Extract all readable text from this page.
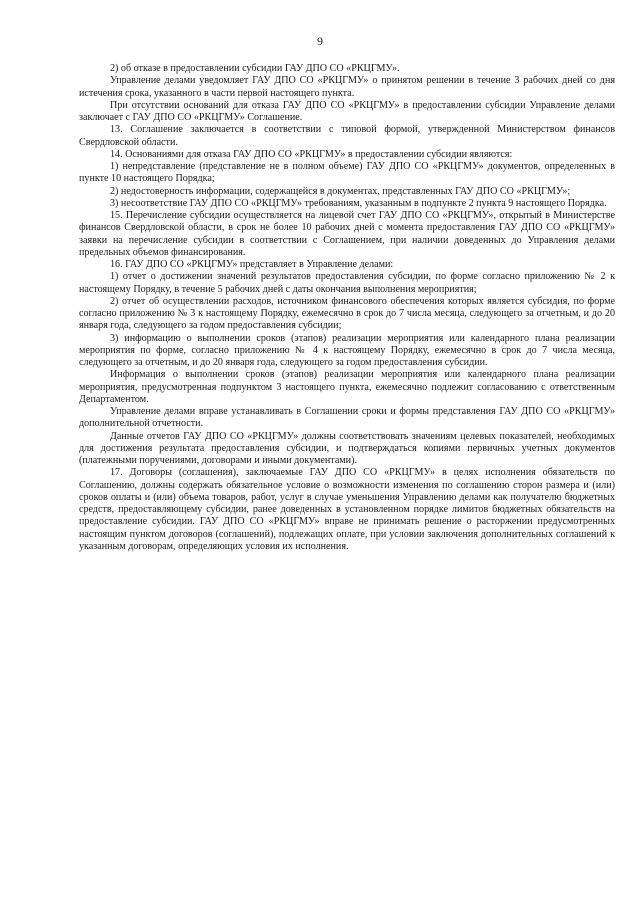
9

2) об отказе в предоставлении субсидии ГАУ ДПО СО «РКЦГМУ».

Управление делами уведомляет ГАУ ДПО СО «РКЦГМУ» о принятом решении в течение 3 рабочих дней со дня истечения срока, указанного в части первой настоящего пункта.

При отсутствии оснований для отказа ГАУ ДПО СО «РКЦГМУ» в предоставлении субсидии Управление делами заключает с ГАУ ДПО СО «РКЦГМУ» Соглашение.

13. Соглашение заключается в соответствии с типовой формой, утвержденной Министерством финансов Свердловской области.

14. Основаниями для отказа ГАУ ДПО СО «РКЦГМУ» в предоставлении субсидии являются:

1) непредставление (представление не в полном объеме) ГАУ ДПО СО «РКЦГМУ» документов, определенных в пункте 10 настоящего Порядка;

2) недостоверность информации, содержащейся в документах, представленных ГАУ ДПО СО «РКЦГМУ»;

3) несоответствие ГАУ ДПО СО «РКЦГМУ» требованиям, указанным в подпункте 2 пункта 9 настоящего Порядка.

15. Перечисление субсидии осуществляется на лицевой счет ГАУ ДПО СО «РКЦГМУ», открытый в Министерстве финансов Свердловской области, в срок не более 10 рабочих дней с момента предоставления ГАУ ДПО СО «РКЦГМУ» заявки на перечисление субсидии в соответствии с Соглашением, при наличии доведенных до Управления делами предельных объемов финансирования.

16. ГАУ ДПО СО «РКЦГМУ» представляет в Управление делами:

1) отчет о достижении значений результатов предоставления субсидии, по форме согласно приложению № 2 к настоящему Порядку, в течение 5 рабочих дней с даты окончания выполнения мероприятия;

2) отчет об осуществлении расходов, источником финансового обеспечения которых является субсидия, по форме согласно приложению № 3 к настоящему Порядку, ежемесячно в срок до 7 числа месяца, следующего за отчетным, и до 20 января года, следующего за годом предоставления субсидии;

3) информацию о выполнении сроков (этапов) реализации мероприятия или календарного плана реализации мероприятия по форме, согласно приложению № 4 к настоящему Порядку, ежемесячно в срок до 7 числа месяца, следующего за отчетным, и до 20 января года, следующего за годом предоставления субсидии.

Информация о выполнении сроков (этапов) реализации мероприятия или календарного плана реализации мероприятия, предусмотренная подпунктом 3 настоящего пункта, ежемесячно подлежит согласованию с ответственным Департаментом.

Управление делами вправе устанавливать в Соглашении сроки и формы представления ГАУ ДПО СО «РКЦГМУ» дополнительной отчетности.

Данные отчетов ГАУ ДПО СО «РКЦГМУ» должны соответствовать значениям целевых показателей, необходимых для достижения результата предоставления субсидии, и подтверждаться копиями первичных учетных документов (платежными поручениями, договорами и иными документами).

17. Договоры (соглашения), заключаемые ГАУ ДПО СО «РКЦГМУ» в целях исполнения обязательств по Соглашению, должны содержать обязательное условие о возможности изменения по соглашению сторон размера и (или) сроков оплаты и (или) объема товаров, работ, услуг в случае уменьшения Управлению делами как получателю бюджетных средств, предоставляющему субсидии, ранее доведенных в установленном порядке лимитов бюджетных обязательств на предоставление субсидии. ГАУ ДПО СО «РКЦГМУ» вправе не принимать решение о расторжении предусмотренных настоящим пунктом договоров (соглашений), подлежащих оплате, при условии заключения дополнительных соглашений к указанным договорам, определяющих условия их исполнения.
